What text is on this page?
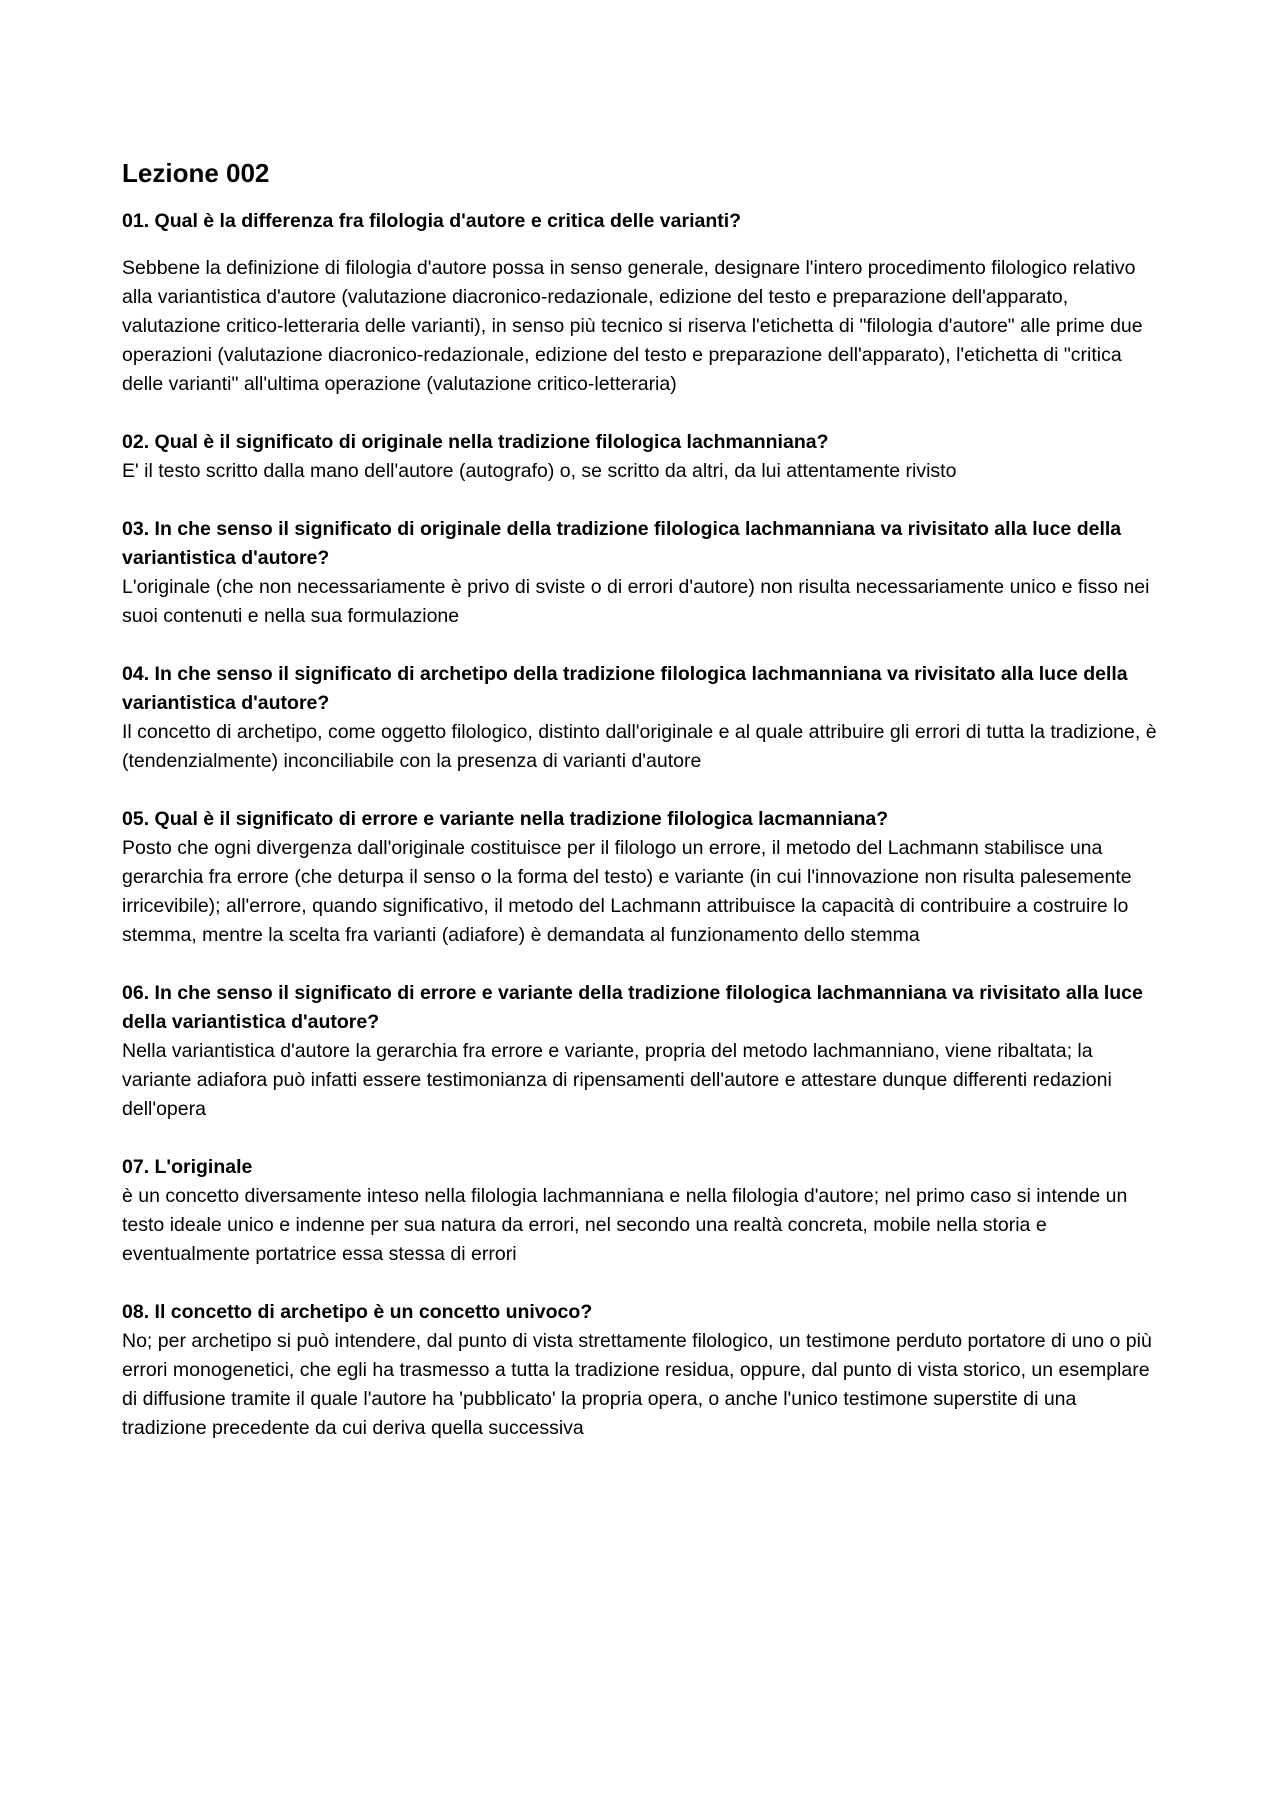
Lezione 002

01. Qual è la differenza fra filologia d'autore e critica delle varianti?

Sebbene la definizione di filologia d'autore possa in senso generale, designare l'intero procedimento filologico relativo alla variantistica d'autore (valutazione diacronico-redazionale, edizione del testo e preparazione dell'apparato, valutazione critico-letteraria delle varianti), in senso più tecnico si riserva l'etichetta di "filologia d'autore" alle prime due operazioni (valutazione diacronico-redazionale, edizione del testo e preparazione dell'apparato), l'etichetta di "critica delle varianti" all'ultima operazione (valutazione critico-letteraria)

02. Qual è il significato di originale nella tradizione filologica lachmanniana?

E' il testo scritto dalla mano dell'autore (autografo) o, se scritto da altri, da lui attentamente rivisto

03. In che senso il significato di originale della tradizione filologica lachmanniana va rivisitato alla luce della variantistica d'autore?

L'originale (che non necessariamente è privo di sviste o di errori d'autore) non risulta necessariamente unico e fisso nei suoi contenuti e nella sua formulazione

04. In che senso il significato di archetipo della tradizione filologica lachmanniana va rivisitato alla luce della variantistica d'autore?

Il concetto di archetipo, come oggetto filologico, distinto dall'originale e al quale attribuire gli errori di tutta la tradizione, è (tendenzialmente) inconciliabile con la presenza di varianti d'autore

05. Qual è il significato di errore e variante nella tradizione filologica lacmanniana?

Posto che ogni divergenza dall'originale costituisce per il filologo un errore, il metodo del Lachmann stabilisce una gerarchia fra errore (che deturpa il senso o la forma del testo) e variante (in cui l'innovazione non risulta palesemente irricevibile); all'errore, quando significativo, il metodo del Lachmann attribuisce la capacità di contribuire a costruire lo stemma, mentre la scelta fra varianti (adiafore) è demandata al funzionamento dello stemma

06. In che senso il significato di errore e variante della tradizione filologica lachmanniana va rivisitato alla luce della variantistica d'autore?

Nella variantistica d'autore la gerarchia fra errore e variante, propria del metodo lachmanniano, viene ribaltata; la variante adiafora può infatti essere testimonianza di ripensamenti dell'autore e attestare dunque differenti redazioni dell'opera

07. L'originale

è un concetto diversamente inteso nella filologia lachmanniana e nella filologia d'autore; nel primo caso si intende un testo ideale unico e indenne per sua natura da errori, nel secondo una realtà concreta, mobile nella storia e eventualmente portatrice essa stessa di errori

08. Il concetto di archetipo è un concetto univoco?

No; per archetipo si può intendere, dal punto di vista strettamente filologico, un testimone perduto portatore di uno o più errori monogenetici, che egli ha trasmesso a tutta la tradizione residua, oppure, dal punto di vista storico, un esemplare di diffusione tramite il quale l'autore ha 'pubblicato' la propria opera, o anche l'unico testimone superstite di una tradizione precedente da cui deriva quella successiva
